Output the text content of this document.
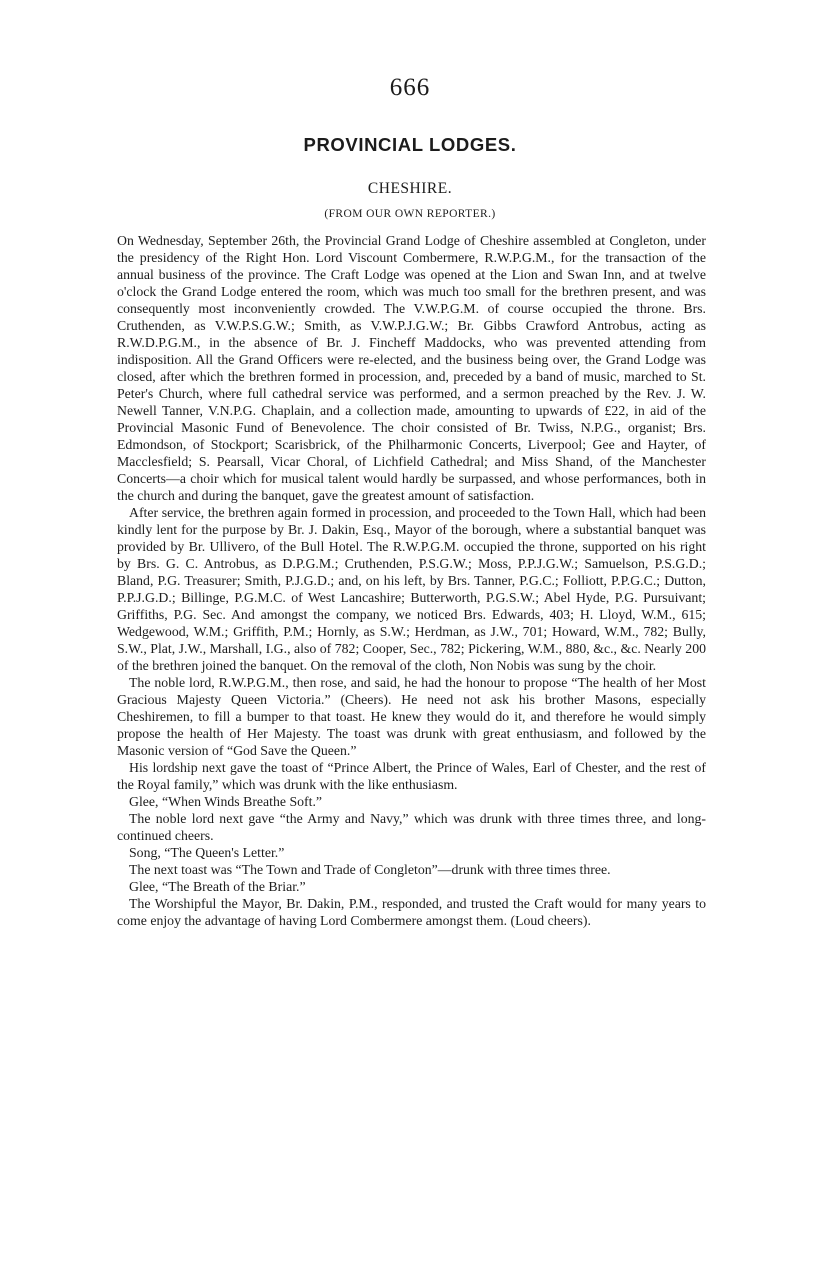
666
PROVINCIAL LODGES.
CHESHIRE.
(FROM OUR OWN REPORTER.)

On Wednesday, September 26th, the Provincial Grand Lodge of Cheshire assembled at Congleton, under the presidency of the Right Hon. Lord Viscount Combermere, R.W.P.G.M., for the transaction of the annual business of the province. The Craft Lodge was opened at the Lion and Swan Inn, and at twelve o'clock the Grand Lodge entered the room, which was much too small for the brethren present, and was consequently most inconveniently crowded. The V.W.P.G.M. of course occupied the throne. Brs. Cruthenden, as V.W.P.S.G.W.; Smith, as V.W.P.J.G.W.; Br. Gibbs Crawford Antrobus, acting as R.W.D.P.G.M., in the absence of Br. J. Fincheff Maddocks, who was prevented attending from indisposition. All the Grand Officers were re-elected, and the business being over, the Grand Lodge was closed, after which the brethren formed in procession, and, preceded by a band of music, marched to St. Peter's Church, where full cathedral service was performed, and a sermon preached by the Rev. J. W. Newell Tanner, V.N.P.G. Chaplain, and a collection made, amounting to upwards of £22, in aid of the Provincial Masonic Fund of Benevolence. The choir consisted of Br. Twiss, N.P.G., organist; Brs. Edmondson, of Stockport; Scarisbrick, of the Philharmonic Concerts, Liverpool; Gee and Hayter, of Macclesfield; S. Pearsall, Vicar Choral, of Lichfield Cathedral; and Miss Shand, of the Manchester Concerts—a choir which for musical talent would hardly be surpassed, and whose performances, both in the church and during the banquet, gave the greatest amount of satisfaction.

After service, the brethren again formed in procession, and proceeded to the Town Hall, which had been kindly lent for the purpose by Br. J. Dakin, Esq., Mayor of the borough, where a substantial banquet was provided by Br. Ullivero, of the Bull Hotel. The R.W.P.G.M. occupied the throne, supported on his right by Brs. G. C. Antrobus, as D.P.G.M.; Cruthenden, P.S.G.W.; Moss, P.P.J.G.W.; Samuelson, P.S.G.D.; Bland, P.G. Treasurer; Smith, P.J.G.D.; and, on his left, by Brs. Tanner, P.G.C.; Folliott, P.P.G.C.; Dutton, P.P.J.G.D.; Billinge, P.G.M.C. of West Lancashire; Butterworth, P.G.S.W.; Abel Hyde, P.G. Pursuivant; Griffiths, P.G. Sec. And amongst the company, we noticed Brs. Edwards, 403; H. Lloyd, W.M., 615; Wedgewood, W.M.; Griffith, P.M.; Hornly, as S.W.; Herdman, as J.W., 701; Howard, W.M., 782; Bully, S.W., Plat, J.W., Marshall, I.G., also of 782; Cooper, Sec., 782; Pickering, W.M., 880, &c., &c. Nearly 200 of the brethren joined the banquet. On the removal of the cloth, Non Nobis was sung by the choir.

The noble lord, R.W.P.G.M., then rose, and said, he had the honour to propose “The health of her Most Gracious Majesty Queen Victoria.” (Cheers). He need not ask his brother Masons, especially Cheshiremen, to fill a bumper to that toast. He knew they would do it, and therefore he would simply propose the health of Her Majesty. The toast was drunk with great enthusiasm, and followed by the Masonic version of “God Save the Queen.”

His lordship next gave the toast of “Prince Albert, the Prince of Wales, Earl of Chester, and the rest of the Royal family,” which was drunk with the like enthusiasm.

Glee, “When Winds Breathe Soft.”

The noble lord next gave “the Army and Navy,” which was drunk with three times three, and long-continued cheers.

Song, “The Queen's Letter.”

The next toast was “The Town and Trade of Congleton”—drunk with three times three.

Glee, “The Breath of the Briar.”

The Worshipful the Mayor, Br. Dakin, P.M., responded, and trusted the Craft would for many years to come enjoy the advantage of having Lord Combermere amongst them. (Loud cheers).
